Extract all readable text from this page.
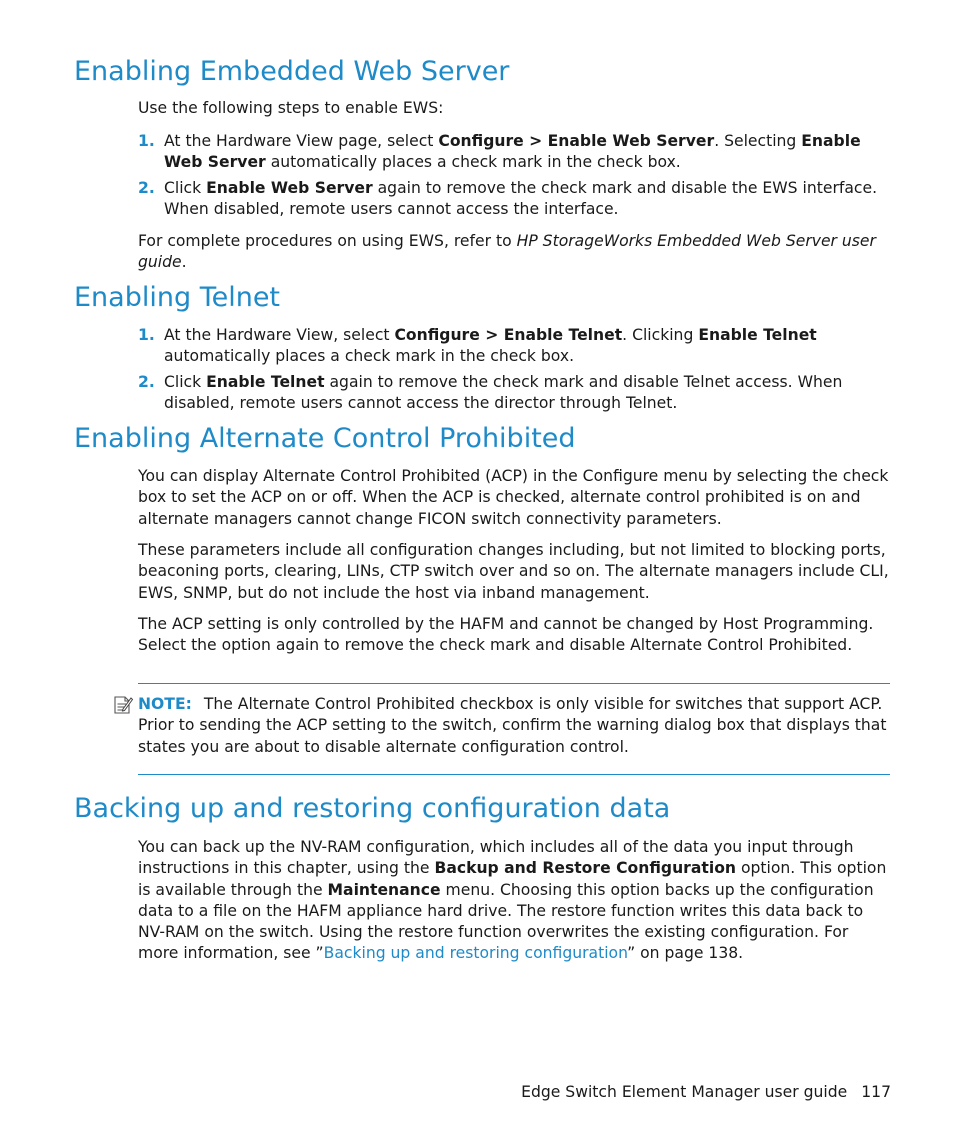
Enabling Embedded Web Server

Use the following steps to enable EWS:

1. At the Hardware View page, select Configure > Enable Web Server. Selecting Enable Web Server automatically places a check mark in the check box.

2. Click Enable Web Server again to remove the check mark and disable the EWS interface. When disabled, remote users cannot access the interface.

For complete procedures on using EWS, refer to HP StorageWorks Embedded Web Server user guide.

Enabling Telnet
1. At the Hardware View, select Configure > Enable Telnet. Clicking Enable Telnet automatically places a check mark in the check box.

2. Click Enable Telnet again to remove the check mark and disable Telnet access. When disabled, remote users cannot access the director through Telnet.

Enabling Alternate Control Prohibited

You can display Alternate Control Prohibited (ACP) in the Configure menu by selecting the check box to set the ACP on or off. When the ACP is checked, alternate control prohibited is on and alternate managers cannot change FICON switch connectivity parameters.

These parameters include all configuration changes including, but not limited to blocking ports, beaconing ports, clearing, LINs, CTP switch over and so on. The alternate managers include CLI, EWS, SNMP, but do not include the host via inband management.

The ACP setting is only controlled by the HAFM and cannot be changed by Host Programming. Select the option again to remove the check mark and disable Alternate Control Prohibited.

NOTE: The Alternate Control Prohibited checkbox is only visible for switches that support ACP. Prior to sending the ACP setting to the switch, confirm the warning dialog box that displays that states you are about to disable alternate configuration control.

Backing up and restoring configuration data

You can back up the NV-RAM configuration, which includes all of the data you input through instructions in this chapter, using the Backup and Restore Configuration option. This option is available through the Maintenance menu. Choosing this option backs up the configuration data to a file on the HAFM appliance hard drive. The restore function writes this data back to NV-RAM on the switch. Using the restore function overwrites the existing configuration. For more information, see ”Backing up and restoring configuration” on page 138.

Edge Switch Element Manager user guide 117
